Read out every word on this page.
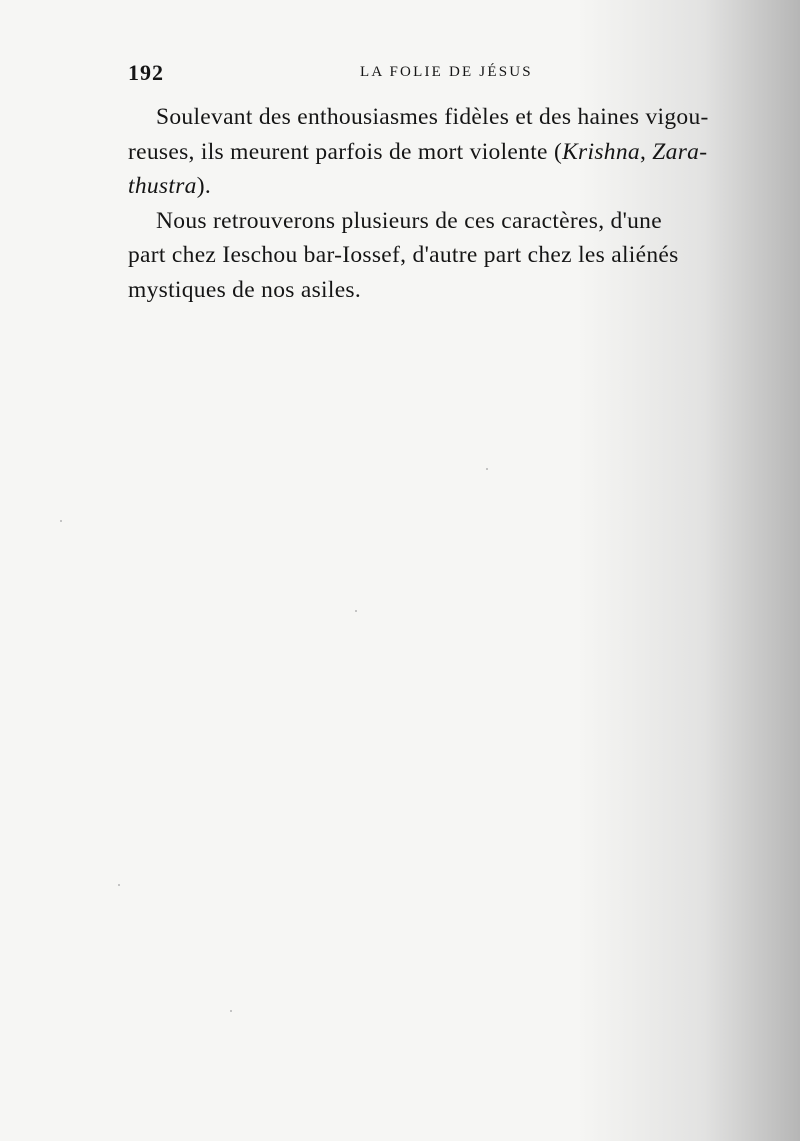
192	LA FOLIE DE JÉSUS
Soulevant des enthousiasmes fidèles et des haines vigou-
reuses, ils meurent parfois de mort violente (Krishna, Zara-
thustra).
Nous retrouverons plusieurs de ces caractères, d'une
part chez Ieschou bar-Iossef, d'autre part chez les aliénés
mystiques de nos asiles.
